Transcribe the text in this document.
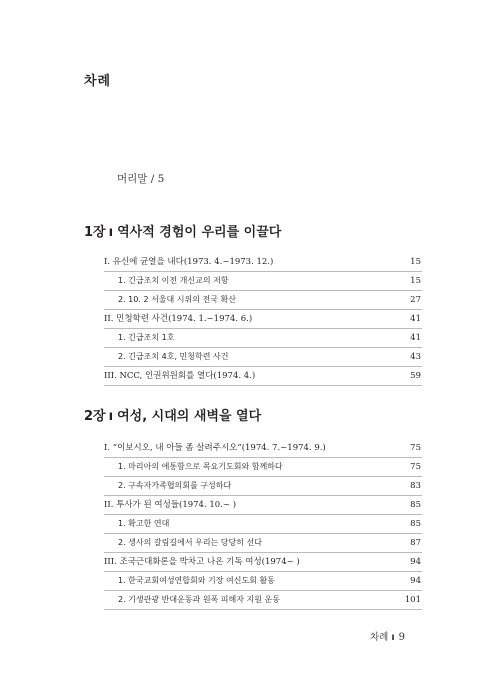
차례
머리말 / 5
1장 ı 역사적 경험이 우리를 이끌다
I. 유신에 균열을 내다(1973. 4.~1973. 12.)	15
1. 긴급조치 이전 개신교의 저항	15
2. 10. 2 서울대 시위의 전국 확산	27
II. 민청학련 사건(1974. 1.~1974. 6.)	41
1. 긴급조치 1호	41
2. 긴급조치 4호, 민청학련 사건	43
III. NCC, 인권위원회를 열다(1974. 4.)	59
2장 ı 여성, 시대의 새벽을 열다
I. “이보시오, 내 아들 좀 살려주시오”(1974. 7.~1974. 9.)	75
1. 마리아의 애통함으로 목요기도회와 함께하다	75
2. 구속자가족협의회를 구성하다	83
II. 투사가 된 여성들(1974. 10.~ )	85
1. 확고한 연대	85
2. 생사의 갈림길에서 우리는 당당히 선다	87
III. 조국근대화론을 박차고 나온 기독 여성(1974~ )	94
1. 한국교회여성연합회와 기장 여신도회 활동	94
2. 기생관광 반대운동과 원폭 피해자 지원 운동	101
차례 ı 9
